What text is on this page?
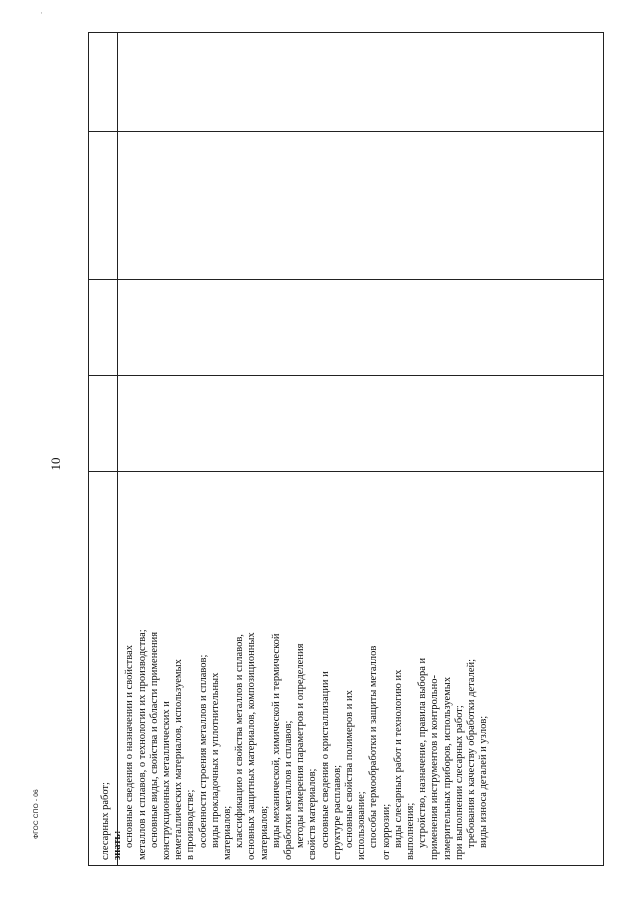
·
10
ФГОС СПО - 06	слесарных работ; знать: основные сведения о назначении и свойствах металлов и сплавов, о технологии их производства; основные виды, свойства и области применения конструкционных металлических и неметаллических материалов, используемых в производстве; особенности строения металлов и сплавов; виды прокладочных и уплотнительных материалов; классификацию и свойства металлов и сплавов, основных защитных материалов, композиционных материалов; виды механической, химической и термической обработки металлов и сплавов; методы измерения параметров и определения свойств материалов; основные сведения о кристаллизации и структуре расплавов; основные свойства полимеров и их использование; способы термообработки и защиты металлов от коррозии; виды слесарных работ и технологию их выполнения; устройство, назначение, правила выбора и применения инструментов и контрольно- измерительных приборов, используемых при выполнении слесарных работ; требования к качеству обработки деталей; виды износа деталей и узлов;
